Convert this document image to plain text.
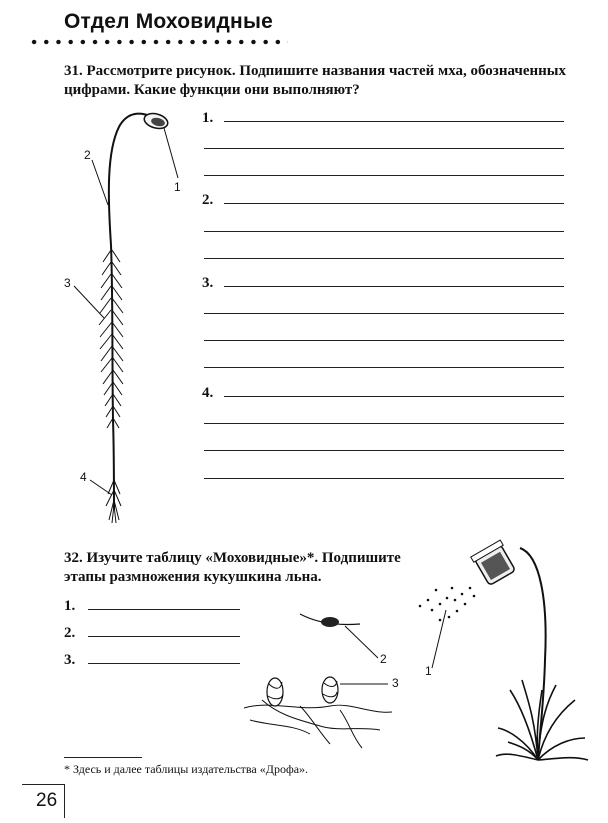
Отдел Моховидные
31. Рассмотрите рисунок. Подпишите названия частей мха, обозначенных цифрами. Какие функции они выполняют?
1.
2.
3.
4.
1
2
3
4
32. Изучите таблицу «Моховидные»*. Подпишите этапы размножения кукушкина льна.
1.
2.
3.
1
2
3
* Здесь и далее таблицы издательства «Дрофа».
26
